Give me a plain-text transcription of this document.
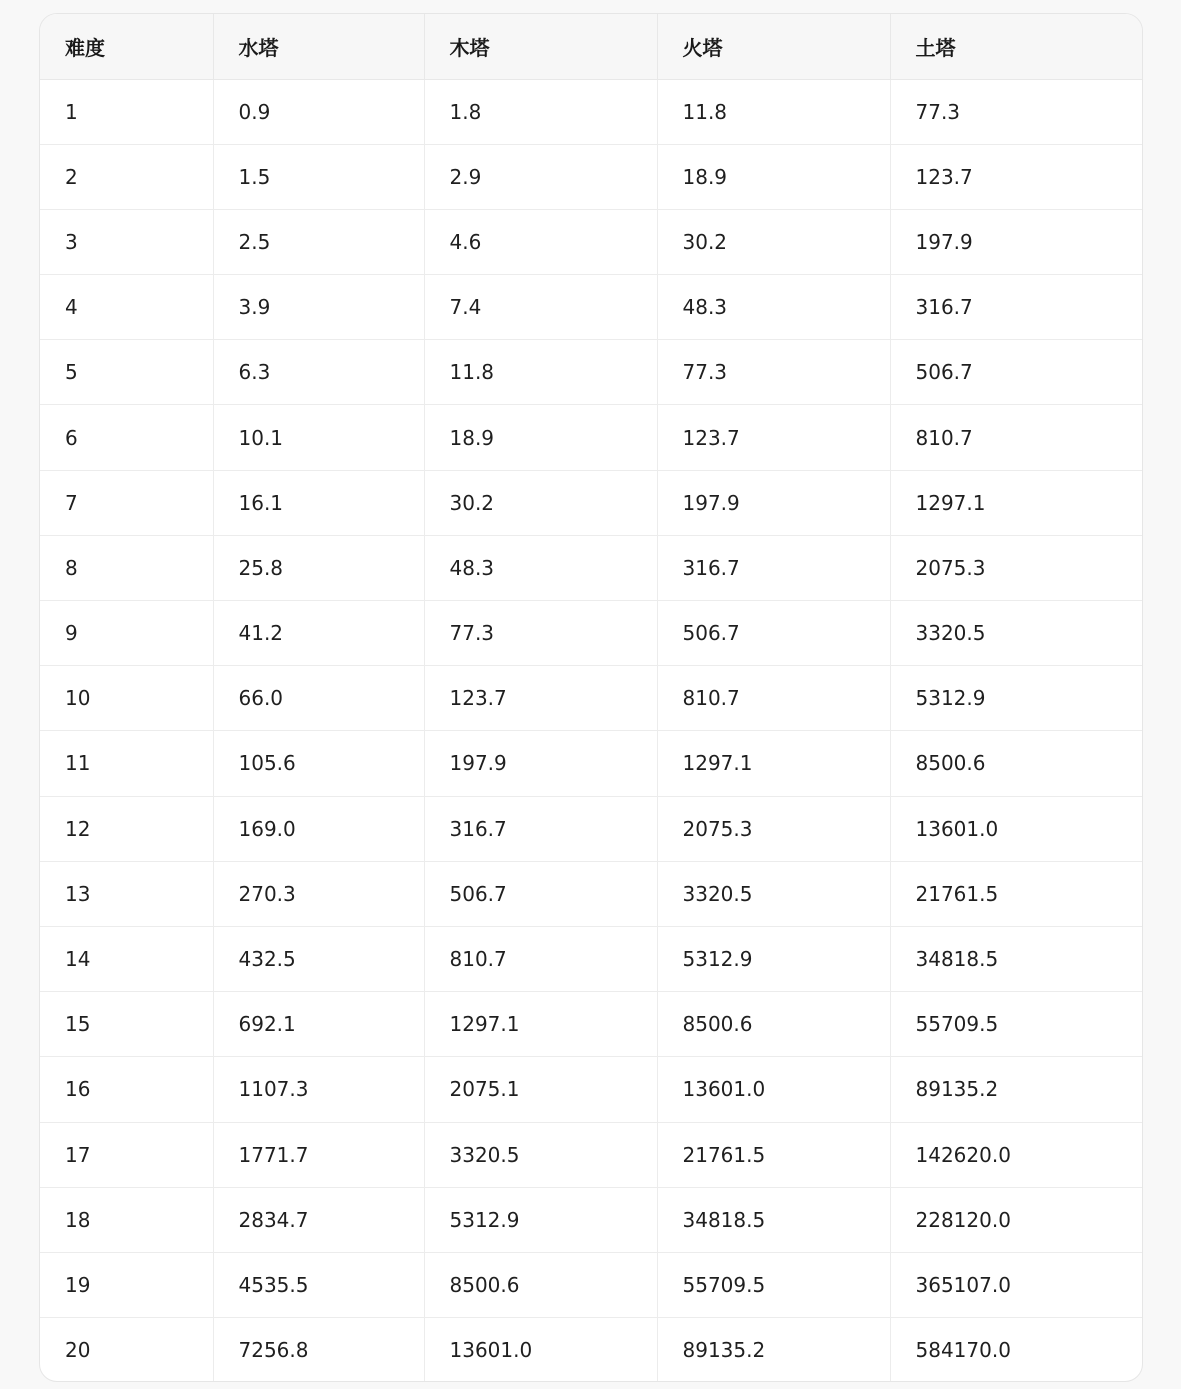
难度	水塔	木塔	火塔	土塔
1	0.9	1.8	11.8	77.3
2	1.5	2.9	18.9	123.7
3	2.5	4.6	30.2	197.9
4	3.9	7.4	48.3	316.7
5	6.3	11.8	77.3	506.7
6	10.1	18.9	123.7	810.7
7	16.1	30.2	197.9	1297.1
8	25.8	48.3	316.7	2075.3
9	41.2	77.3	506.7	3320.5
10	66.0	123.7	810.7	5312.9
11	105.6	197.9	1297.1	8500.6
12	169.0	316.7	2075.3	13601.0
13	270.3	506.7	3320.5	21761.5
14	432.5	810.7	5312.9	34818.5
15	692.1	1297.1	8500.6	55709.5
16	1107.3	2075.1	13601.0	89135.2
17	1771.7	3320.5	21761.5	142620.0
18	2834.7	5312.9	34818.5	228120.0
19	4535.5	8500.6	55709.5	365107.0
20	7256.8	13601.0	89135.2	584170.0
